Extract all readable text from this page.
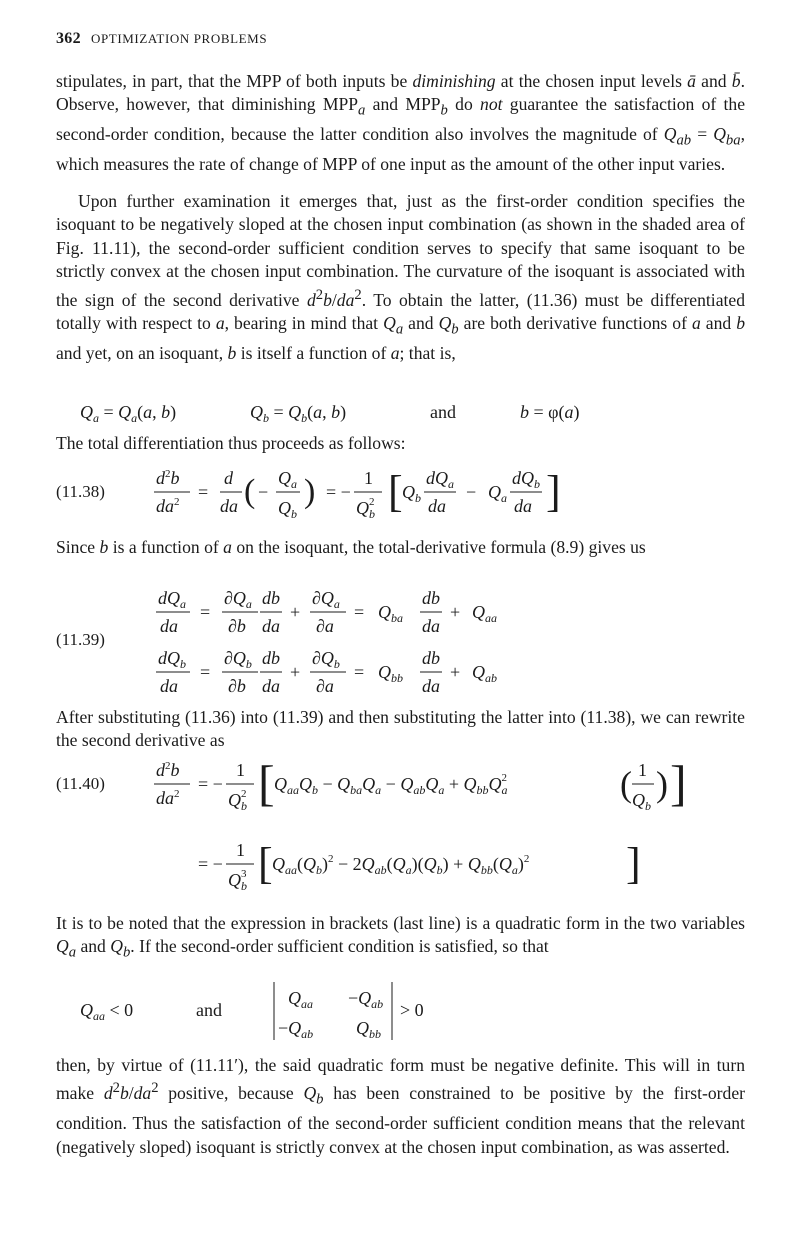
362 OPTIMIZATION PROBLEMS

stipulates, in part, that the MPP of both inputs be diminishing at the chosen input levels ā and b̄. Observe, however, that diminishing $MPP_a$ and $MPP_b$ do not guarantee the satisfaction of the second-order condition, because the latter condition also involves the magnitude of $Q_{ab} = Q_{ba}$, which measures the rate of change of MPP of one input as the amount of the other input varies.

Upon further examination it emerges that, just as the first-order condition specifies the isoquant to be negatively sloped at the chosen input combination (as shown in the shaded area of Fig. 11.11), the second-order sufficient condition serves to specify that same isoquant to be strictly convex at the chosen input combination. The curvature of the isoquant is associated with the sign of the second derivative $d^2b/da^2$. To obtain the latter, (11.36) must be differentiated totally with respect to a, bearing in mind that $Q_a$ and $Q_b$ are both derivative functions of a and b and yet, on an isoquant, b is itself a function of a; that is,

$Q_a = Q_a(a$, b)	$Q_b = Q_b(a$, b)	and	b = φ(a)

The total differentiation thus proceeds as follows:

(11.38)
$d^2b$
$da^2$ =
d
da ( −
$Q_a$
$Q_b$
) = −
1
$Q_b2$ [ $Q_b$
$dQ_a$
da
− $Q_a$
$dQ_b$
da ]

Since b is a function of a on the isoquant, the total-derivative formula (8.9) gives us

(11.39)
$dQ_a$
da
=
$\partial Q_a$
∂b
db
da
+
$\partial Q_a$
∂a
= $Q_{ba}$
db
da
+ $Q_{aa}$
$dQ_b$
da
=
$\partial Q_b$
∂b
db
da
+
$\partial Q_b$
∂a
= $Q_{bb}$
db
da
+ $Q_{ab}$

After substituting (11.36) into (11.39) and then substituting the latter into (11.38), we can rewrite the second derivative as

(11.40)
$d^2b$
$da^2$ = −
1
$Q_b2$ [ $Q_{aa}Q_b - Q_{ba}Q_a - Q_{ab}Q_a + Q_{bb}Q_a2$	( 1
$Q_b$
) ]
= −
1
$Q_b3$ [ $Q_{aa}(Q_b)^2 - 2Q_{ab}(Q_a)(Q_b) + Q_{bb}(Q_a)^2$ ]

It is to be noted that the expression in brackets (last line) is a quadratic form in the two variables $Q_a$ and $Q_b$. If the second-order sufficient condition is satisfied, so that

$Q_{aa} < 0$	and
$Q_{aa} -Q_{ab}$
$-Q_{ab}$ $Q_{bb}$
> 0

then, by virtue of (11.11′), the said quadratic form must be negative definite. This will in turn make $d^2b/da^2$ positive, because $Q_b$ has been constrained to be positive by the first-order condition. Thus the satisfaction of the second-order sufficient condition means that the relevant (negatively sloped) isoquant is strictly convex at the chosen input combination, as was asserted.
